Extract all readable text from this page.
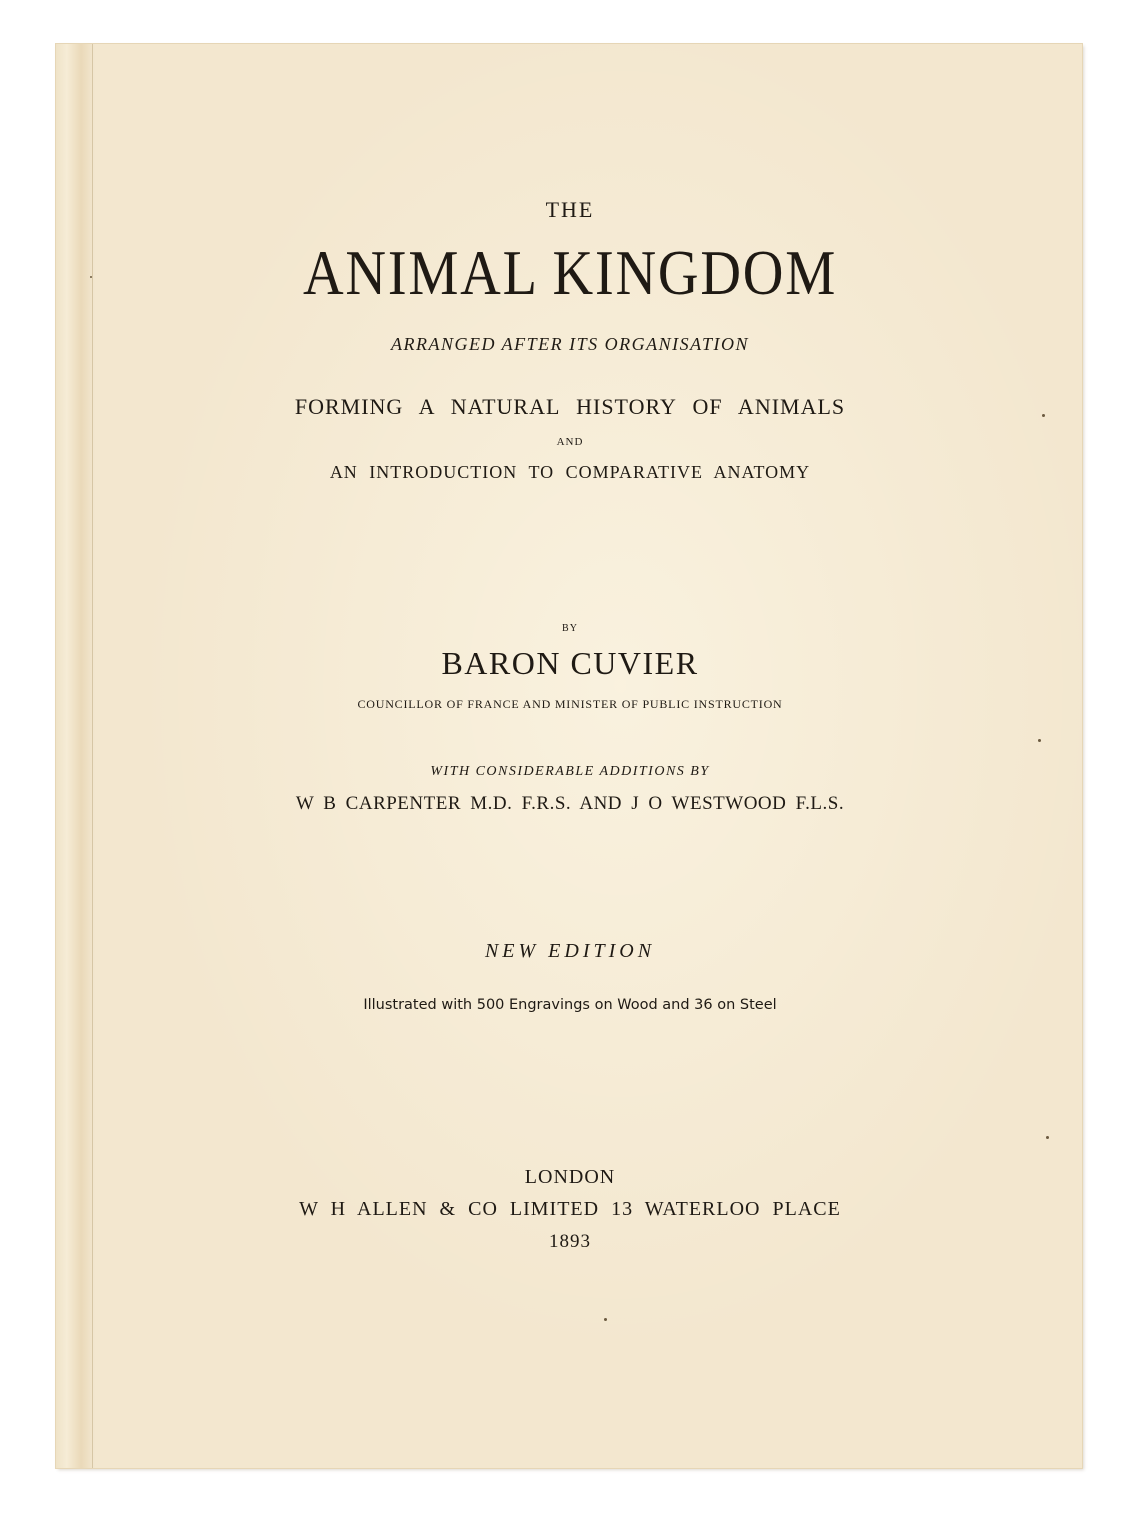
THE
ANIMAL KINGDOM
ARRANGED AFTER ITS ORGANISATION
FORMING A NATURAL HISTORY OF ANIMALS
AND
AN INTRODUCTION TO COMPARATIVE ANATOMY
BY
BARON CUVIER
COUNCILLOR OF FRANCE AND MINISTER OF PUBLIC INSTRUCTION
WITH CONSIDERABLE ADDITIONS BY
W B CARPENTER M.D. F.R.S. AND J O WESTWOOD F.L.S.
NEW EDITION
Illustrated with 500 Engravings on Wood and 36 on Steel
LONDON
W H ALLEN & CO LIMITED 13 WATERLOO PLACE
1893
